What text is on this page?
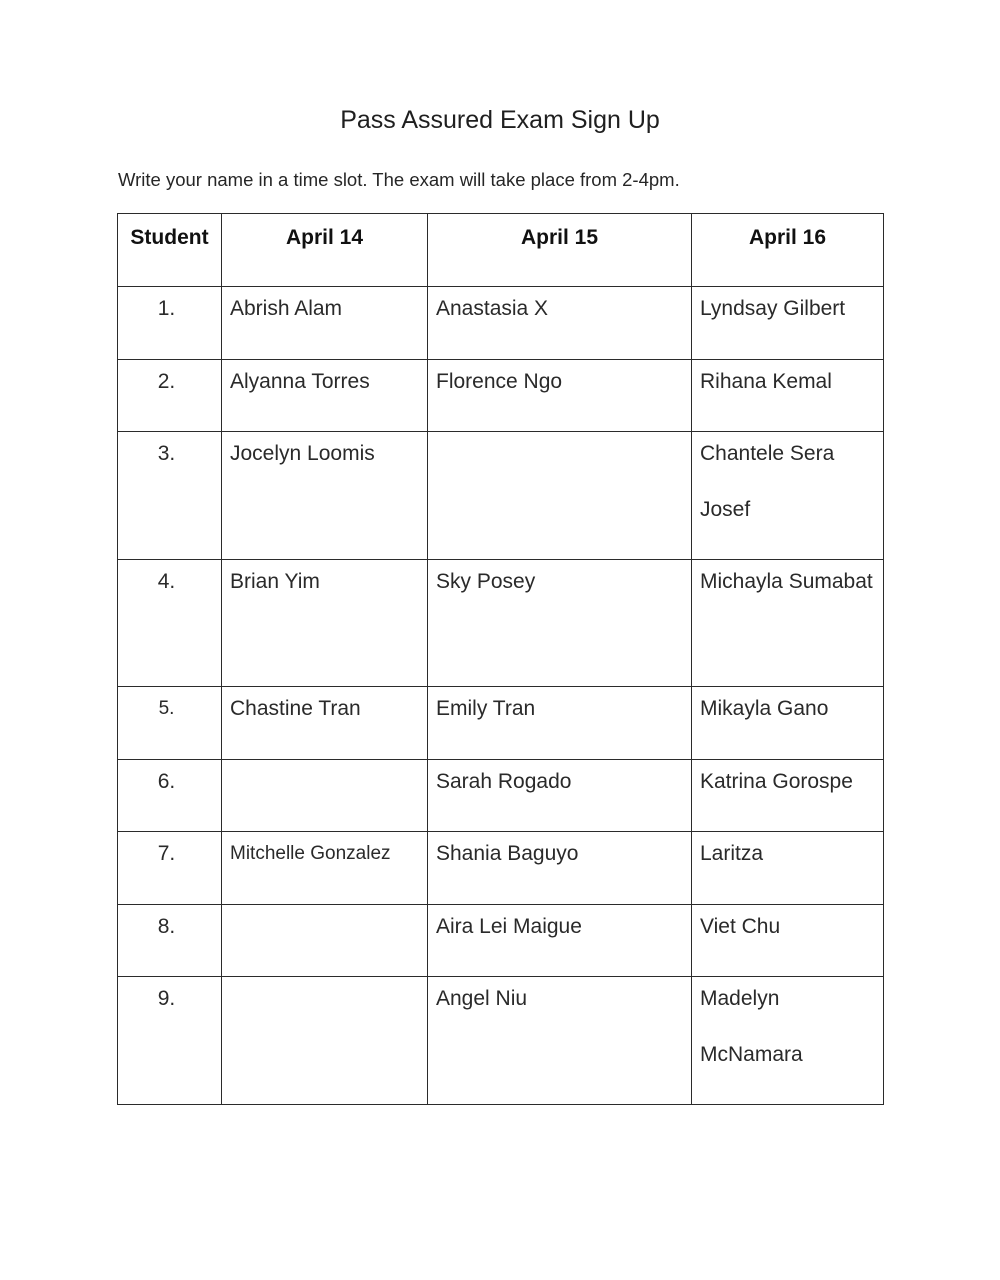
Pass Assured Exam Sign Up
Write your name in a time slot. The exam will take place from 2-4pm.
Student	April 14	April 15	April 16

1.	Abrish Alam	Anastasia X	Lyndsay Gilbert

2.	Alyanna Torres	Florence Ngo	Rihana Kemal

3.	Jocelyn Loomis		Chantele Sera Josef

4.	Brian Yim	Sky Posey	Michayla Sumabat

5.	Chastine Tran	Emily Tran	Mikayla Gano

6.		Sarah Rogado	Katrina Gorospe

7.	Mitchelle Gonzalez	Shania Baguyo	Laritza

8.		Aira Lei Maigue	Viet Chu

9.		Angel Niu	Madelyn McNamara
